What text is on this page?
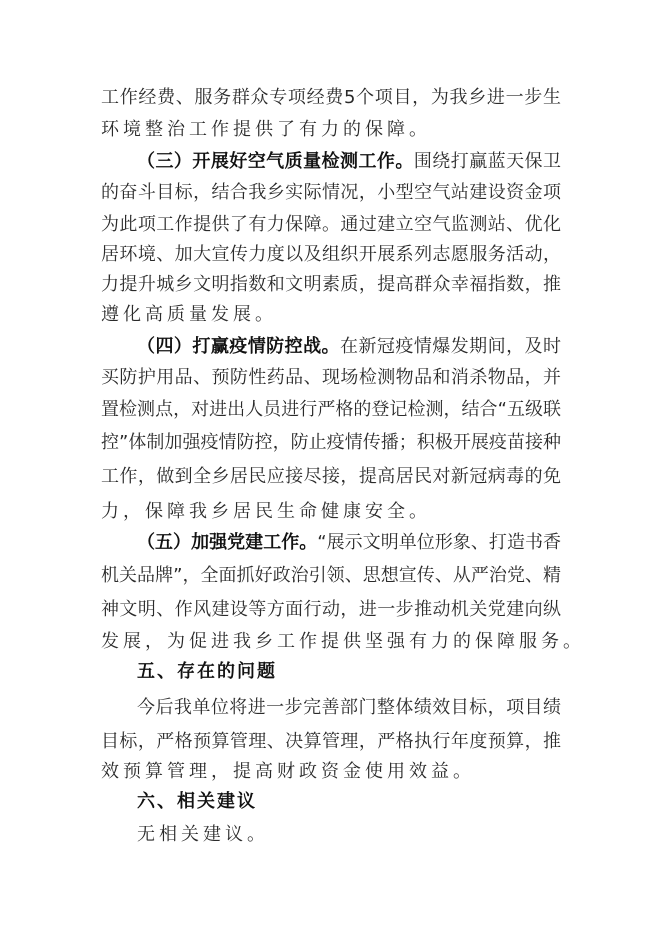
工作经费、服务群众专项经费5个项目，为我乡进一步生
环境整治工作提供了有力的保障。
（三）开展好空气质量检测工作。围绕打赢蓝天保卫
的奋斗目标，结合我乡实际情况，小型空气站建设资金项
为此项工作提供了有力保障。通过建立空气监测站、优化
居环境、加大宣传力度以及组织开展系列志愿服务活动，
力提升城乡文明指数和文明素质，提高群众幸福指数，推
遵化高质量发展。
（四）打赢疫情防控战。在新冠疫情爆发期间，及时
买防护用品、预防性药品、现场检测物品和消杀物品，并
置检测点，对进出人员进行严格的登记检测，结合“五级联
控”体制加强疫情防控，防止疫情传播；积极开展疫苗接种
工作，做到全乡居民应接尽接，提高居民对新冠病毒的免
力，保障我乡居民生命健康安全。
（五）加强党建工作。“展示文明单位形象、打造书香
机关品牌”，全面抓好政治引领、思想宣传、从严治党、精
神文明、作风建设等方面行动，进一步推动机关党建向纵
发展，为促进我乡工作提供坚强有力的保障服务。
五、存在的问题
今后我单位将进一步完善部门整体绩效目标，项目绩
目标，严格预算管理、决算管理，严格执行年度预算，推
效预算管理，提高财政资金使用效益。
六、相关建议
无相关建议。
